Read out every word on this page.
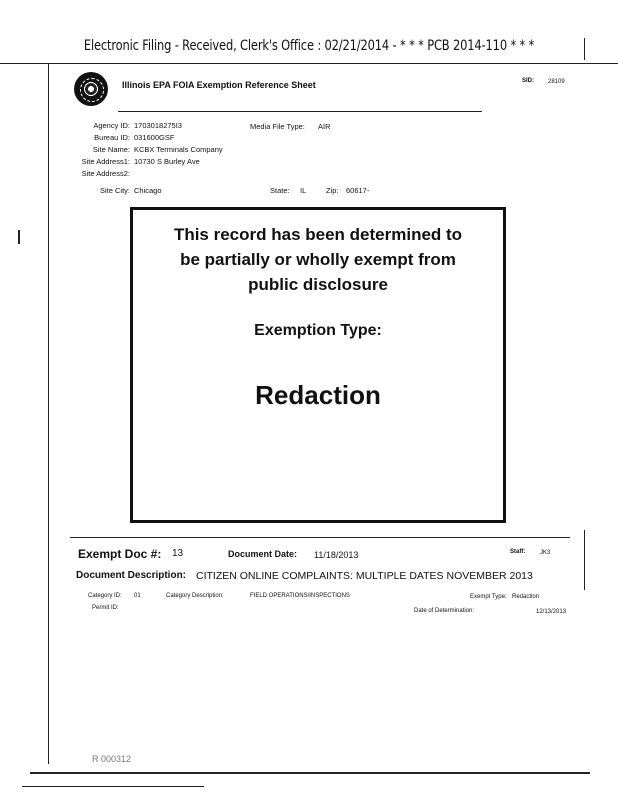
Electronic Filing - Received, Clerk's Office : 02/21/2014 - * * * PCB 2014-110 * * *
Illinois EPA FOIA Exemption Reference Sheet	SID: 28109
Agency ID: 1703018275I3	Media File Type: AIR
Bureau ID: 031600GSF
Site Name: KCBX Terminals Company
Site Address1: 10730 S Burley Ave
Site Address2:
Site City: Chicago	State: IL	Zip: 60617-
This record has been determined to
be partially or wholly exempt from
public disclosure
Exemption Type:
Redaction
Exempt Doc #: 13	Document Date: 11/18/2013	Staff: JK3
Document Description: CITIZEN ONLINE COMPLAINTS: MULTIPLE DATES NOVEMBER 2013
Category ID: 01	Category Description:	FIELD OPERATIONS/INSPECTIONS	Exempt Type: Redaction
Permit ID:	Date of Determination:	12/13/2013
R 000312
